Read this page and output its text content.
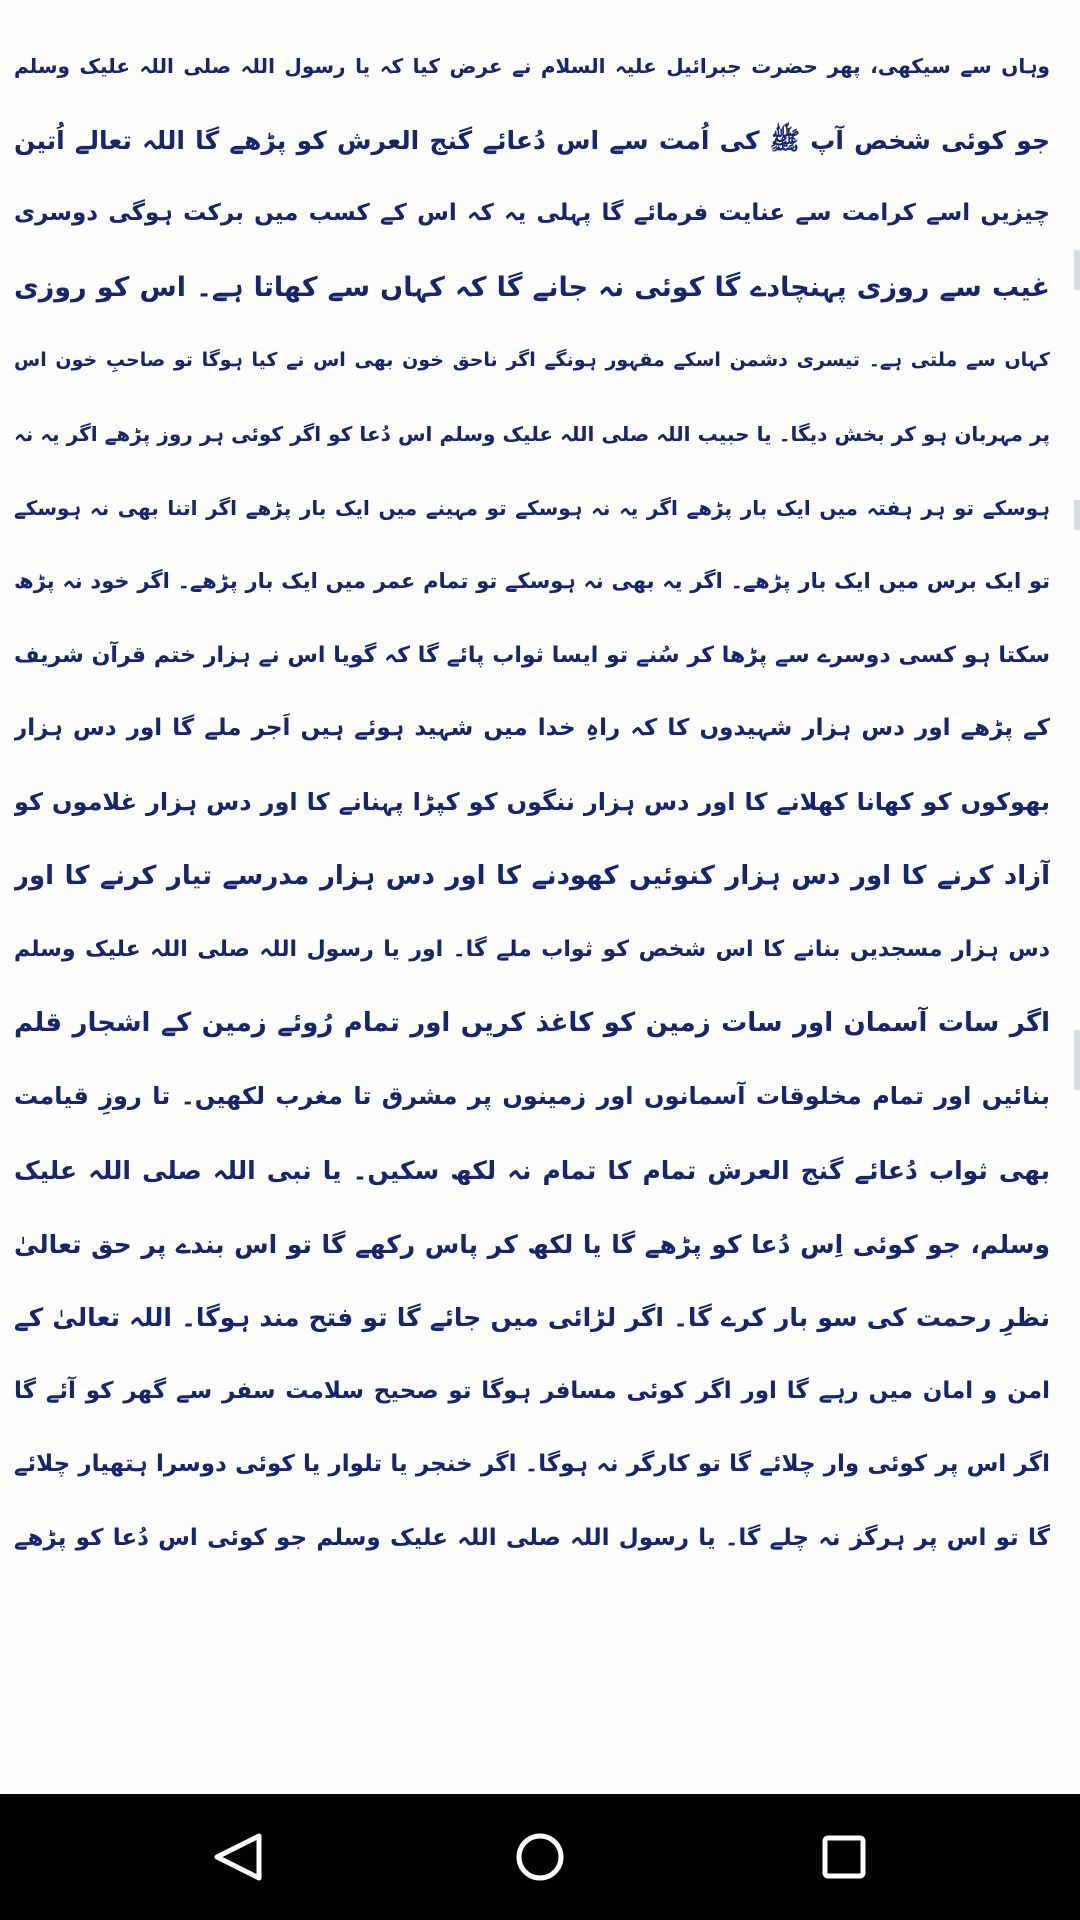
وہاں سے سیکھی، پھر حضرت جبرائیل علیہ السلام نے عرض کیا کہ یا رسول اللہ صلی اللہ علیک وسلم
جو کوئی شخص آپ ﷺ کی اُمت سے اس دُعائے گنج العرش کو پڑھے گا اللہ تعالے اُتین
چیزیں اسے کرامت سے عنایت فرمائے گا پہلی یہ کہ اس کے کسب میں برکت ہوگی دوسری
غیب سے روزی پہنچادے گا کوئی نہ جانے گا کہ کہاں سے کھاتا ہے۔ اس کو روزی
کہاں سے ملتی ہے۔ تیسری دشمن اسکے مقہور ہونگے اگر ناحق خون بھی اس نے کیا ہوگا تو صاحبِ خون اس
پر مہربان ہو کر بخش دیگا۔ یا حبیب اللہ صلی اللہ علیک وسلم اس دُعا کو اگر کوئی ہر روز پڑھے اگر یہ نہ
ہوسکے تو ہر ہفتہ میں ایک بار پڑھے اگر یہ نہ ہوسکے تو مہینے میں ایک بار پڑھے اگر اتنا بھی نہ ہوسکے
تو ایک برس میں ایک بار پڑھے۔ اگر یہ بھی نہ ہوسکے تو تمام عمر میں ایک بار پڑھے۔ اگر خود نہ پڑھ
سکتا ہو کسی دوسرے سے پڑھا کر سُنے تو ایسا ثواب پائے گا کہ گویا اس نے ہزار ختم قرآن شریف
کے پڑھے اور دس ہزار شہیدوں کا کہ راہِ خدا میں شہید ہوئے ہیں اَجر ملے گا اور دس ہزار
بھوکوں کو کھانا کھلانے کا اور دس ہزار ننگوں کو کپڑا پہنانے کا اور دس ہزار غلاموں کو
آزاد کرنے کا اور دس ہزار کنوئیں کھودنے کا اور دس ہزار مدرسے تیار کرنے کا اور
دس ہزار مسجدیں بنانے کا اس شخص کو ثواب ملے گا۔ اور یا رسول اللہ صلی اللہ علیک وسلم
اگر سات آسمان اور سات زمین کو کاغذ کریں اور تمام رُوئے زمین کے اشجار قلم
بنائیں اور تمام مخلوقات آسمانوں اور زمینوں پر مشرق تا مغرب لکھیں۔ تا روزِ قیامت
بھی ثواب دُعائے گنج العرش تمام کا تمام نہ لکھ سکیں۔ یا نبی اللہ صلی اللہ علیک
وسلم، جو کوئی اِس دُعا کو پڑھے گا یا لکھ کر پاس رکھے گا تو اس بندے پر حق تعالیٰ
نظرِ رحمت کی سو بار کرے گا۔ اگر لڑائی میں جائے گا تو فتح مند ہوگا۔ اللہ تعالیٰ کے
امن و امان میں رہے گا اور اگر کوئی مسافر ہوگا تو صحیح سلامت سفر سے گھر کو آئے گا
اگر اس پر کوئی وار چلائے گا تو کارگر نہ ہوگا۔ اگر خنجر یا تلوار یا کوئی دوسرا ہتھیار چلائے
گا تو اس پر ہرگز نہ چلے گا۔ یا رسول اللہ صلی اللہ علیک وسلم جو کوئی اس دُعا کو پڑھے
